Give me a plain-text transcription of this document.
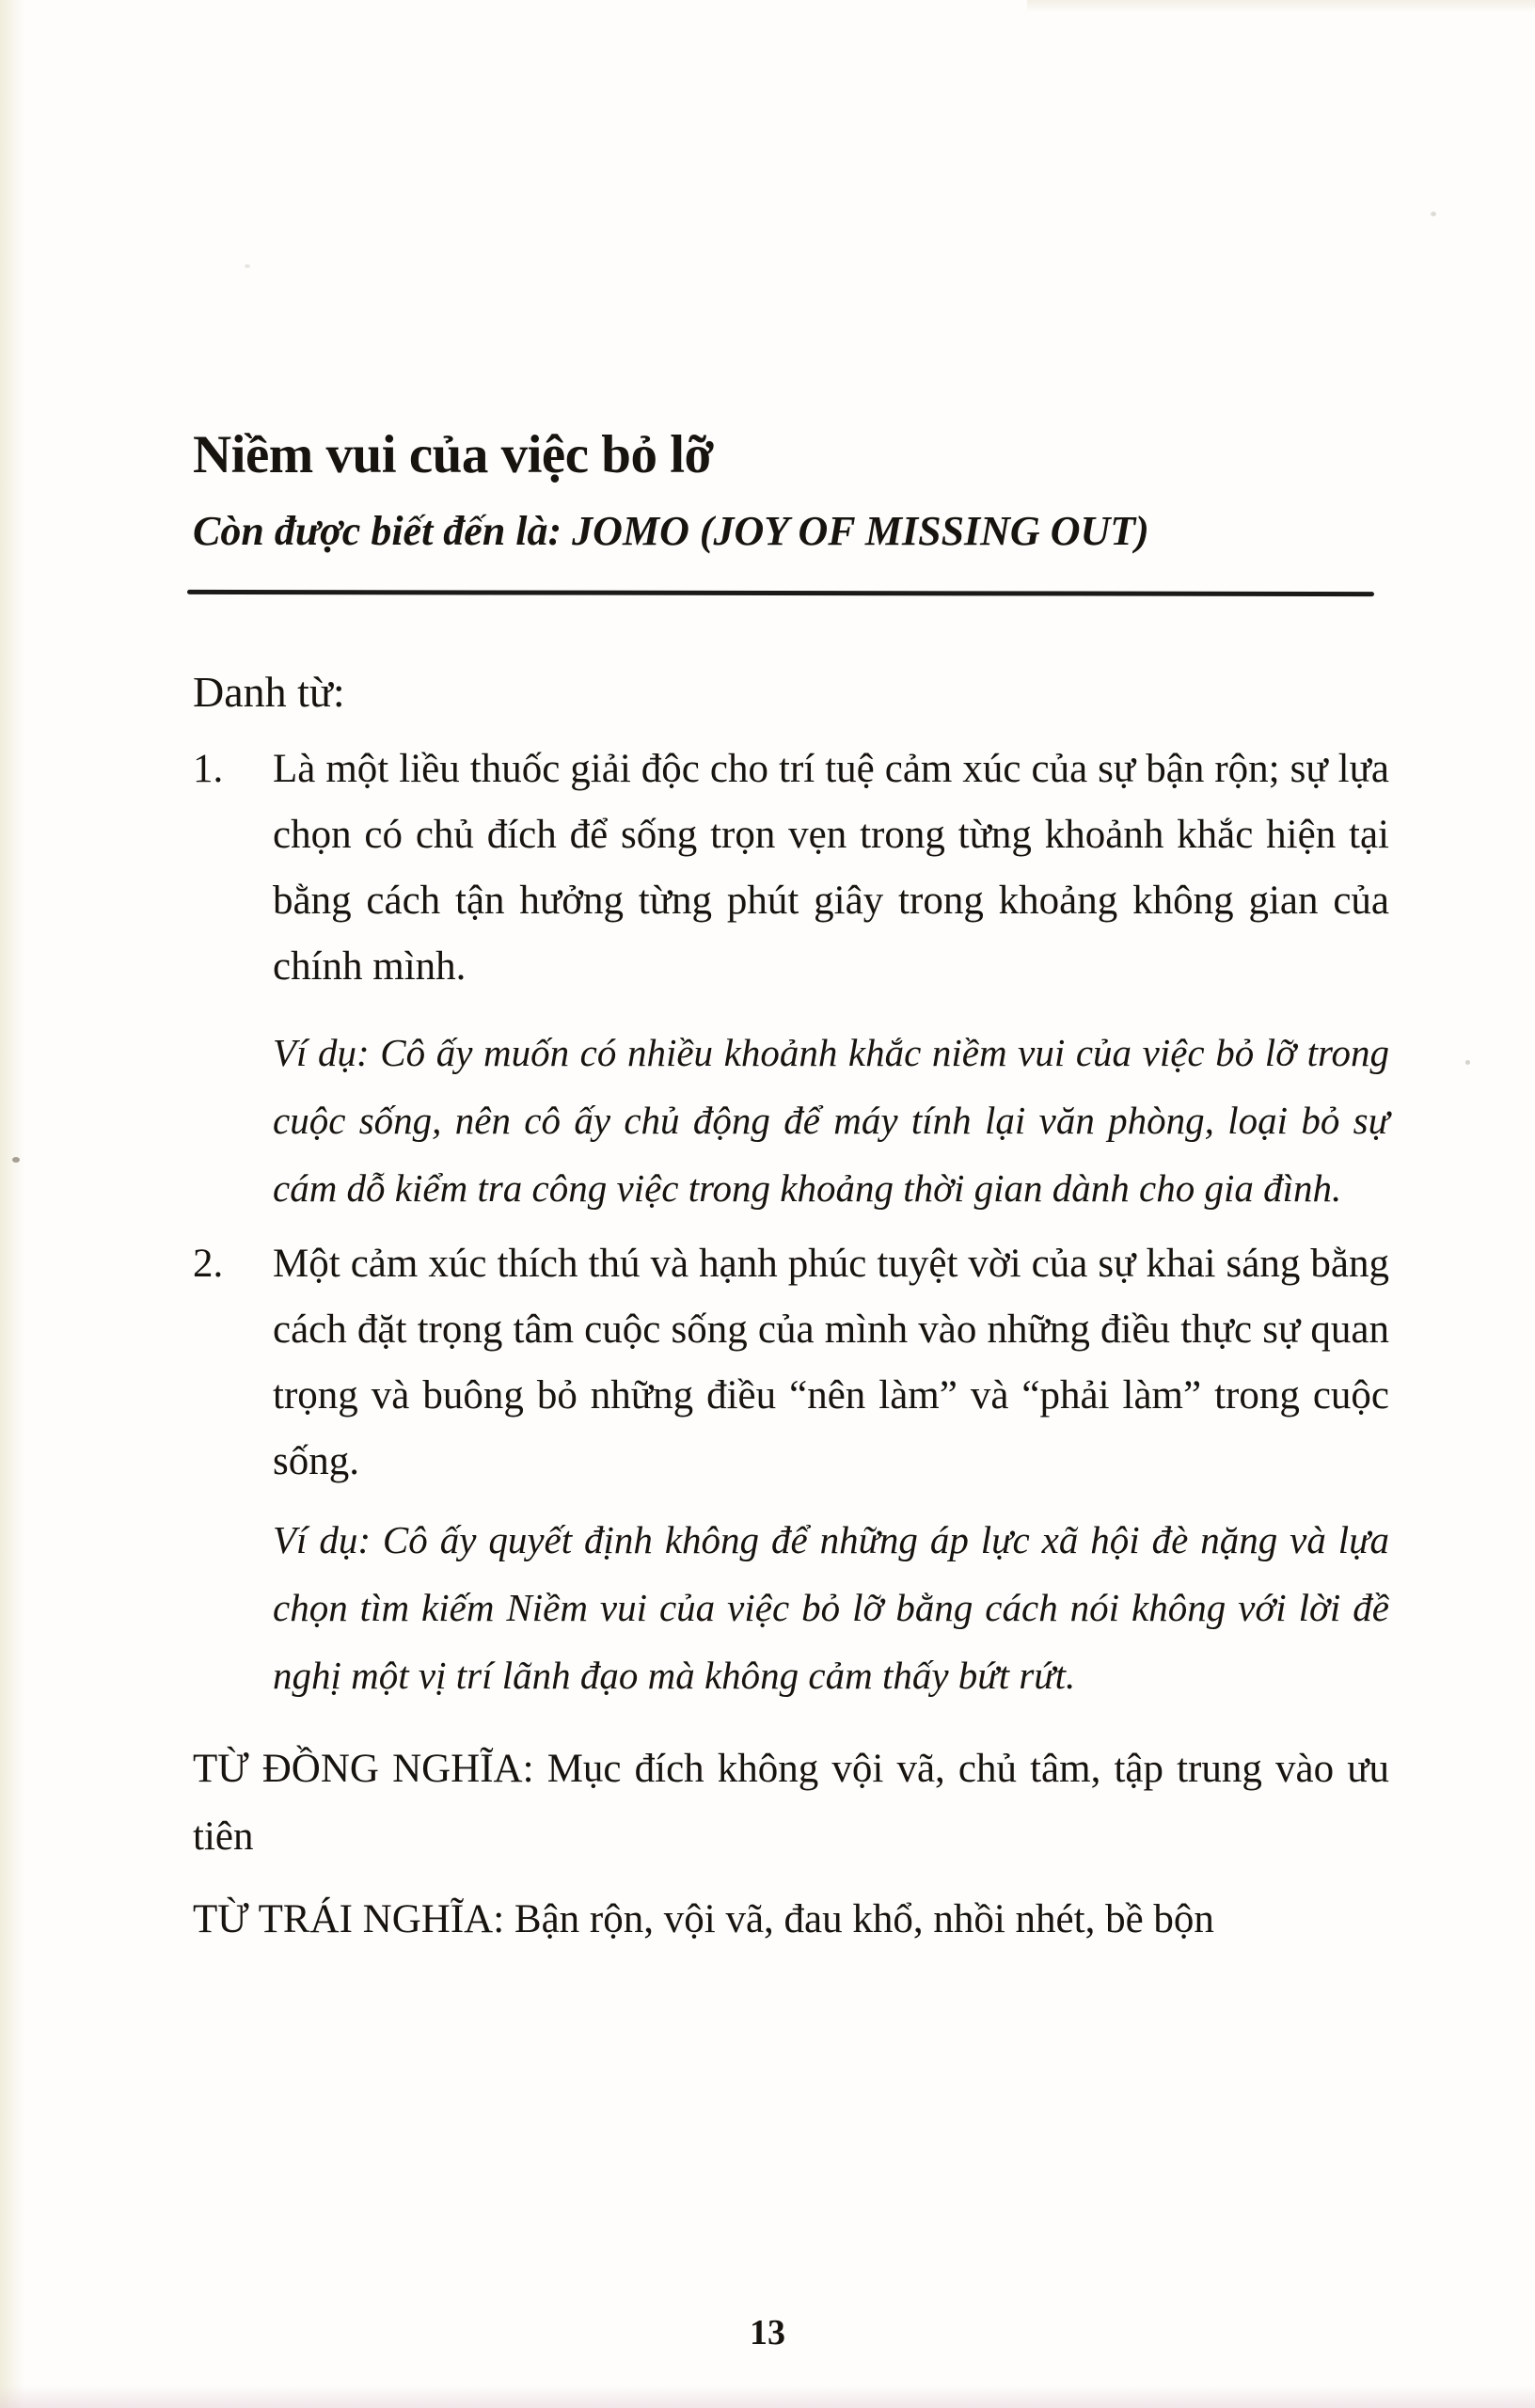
Niềm vui của việc bỏ lỡ

Còn được biết đến là: JOMO (JOY OF MISSING OUT)

Danh từ:

1.	Là một liều thuốc giải độc cho trí tuệ cảm xúc của sự bận rộn; sự lựa chọn có chủ đích để sống trọn vẹn trong từng khoảnh khắc hiện tại bằng cách tận hưởng từng phút giây trong khoảng không gian của chính mình.

Ví dụ: Cô ấy muốn có nhiều khoảnh khắc niềm vui của việc bỏ lỡ trong cuộc sống, nên cô ấy chủ động để máy tính lại văn phòng, loại bỏ sự cám dỗ kiểm tra công việc trong khoảng thời gian dành cho gia đình.

2.	Một cảm xúc thích thú và hạnh phúc tuyệt vời của sự khai sáng bằng cách đặt trọng tâm cuộc sống của mình vào những điều thực sự quan trọng và buông bỏ những điều “nên làm” và “phải làm” trong cuộc sống.

Ví dụ: Cô ấy quyết định không để những áp lực xã hội đè nặng và lựa chọn tìm kiếm Niềm vui của việc bỏ lỡ bằng cách nói không với lời đề nghị một vị trí lãnh đạo mà không cảm thấy bứt rứt.

TỪ ĐỒNG NGHĨA: Mục đích không vội vã, chủ tâm, tập trung vào ưu tiên

TỪ TRÁI NGHĨA: Bận rộn, vội vã, đau khổ, nhồi nhét, bề bộn

13
